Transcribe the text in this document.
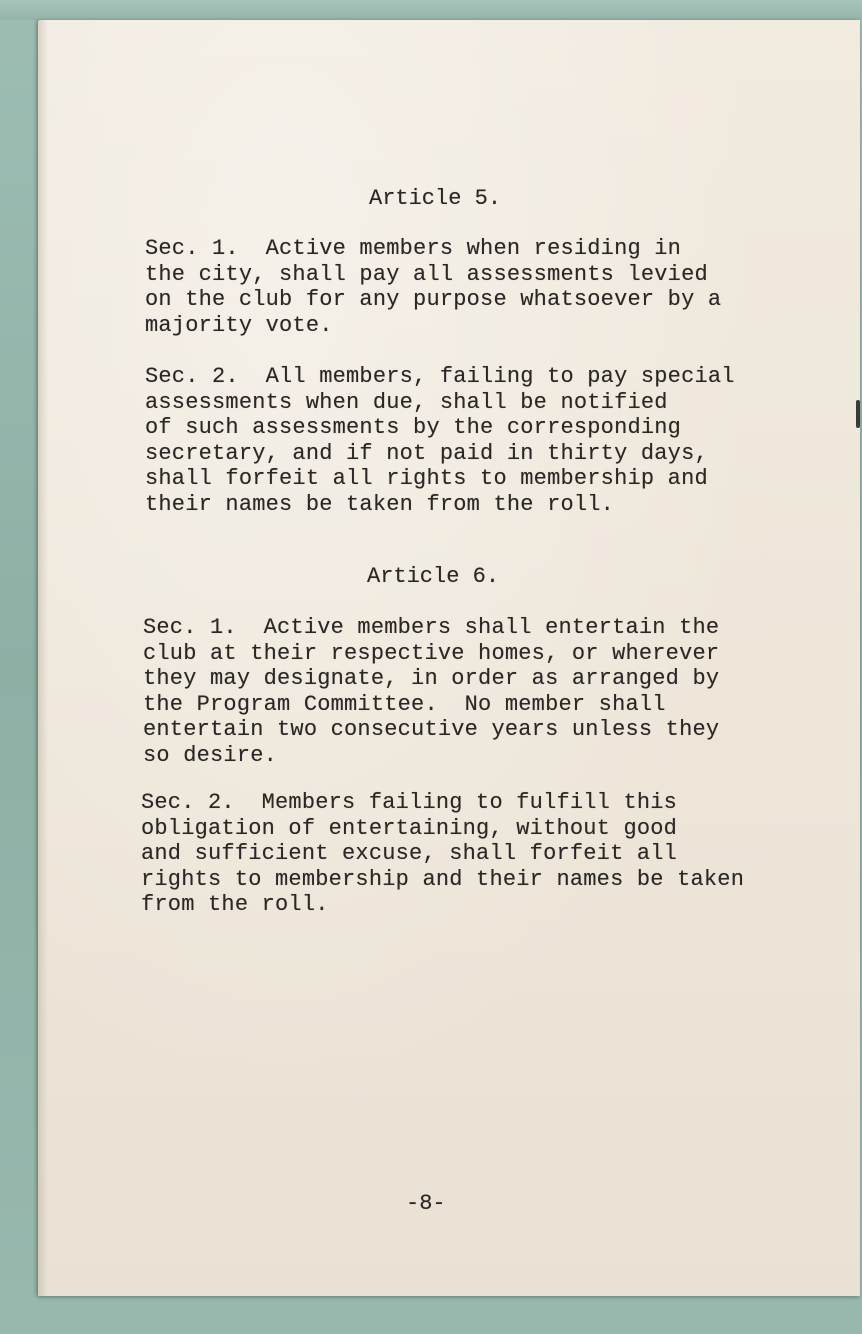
Article 5.
Sec. 1.  Active members when residing in
the city, shall pay all assessments levied
on the club for any purpose whatsoever by a
majority vote.
Sec. 2.  All members, failing to pay special
assessments when due, shall be notified
of such assessments by the corresponding
secretary, and if not paid in thirty days,
shall forfeit all rights to membership and
their names be taken from the roll.
Article 6.
Sec. 1.  Active members shall entertain the
club at their respective homes, or wherever
they may designate, in order as arranged by
the Program Committee.  No member shall
entertain two consecutive years unless they
so desire.
Sec. 2.  Members failing to fulfill this
obligation of entertaining, without good
and sufficient excuse, shall forfeit all
rights to membership and their names be taken
from the roll.
-8-
